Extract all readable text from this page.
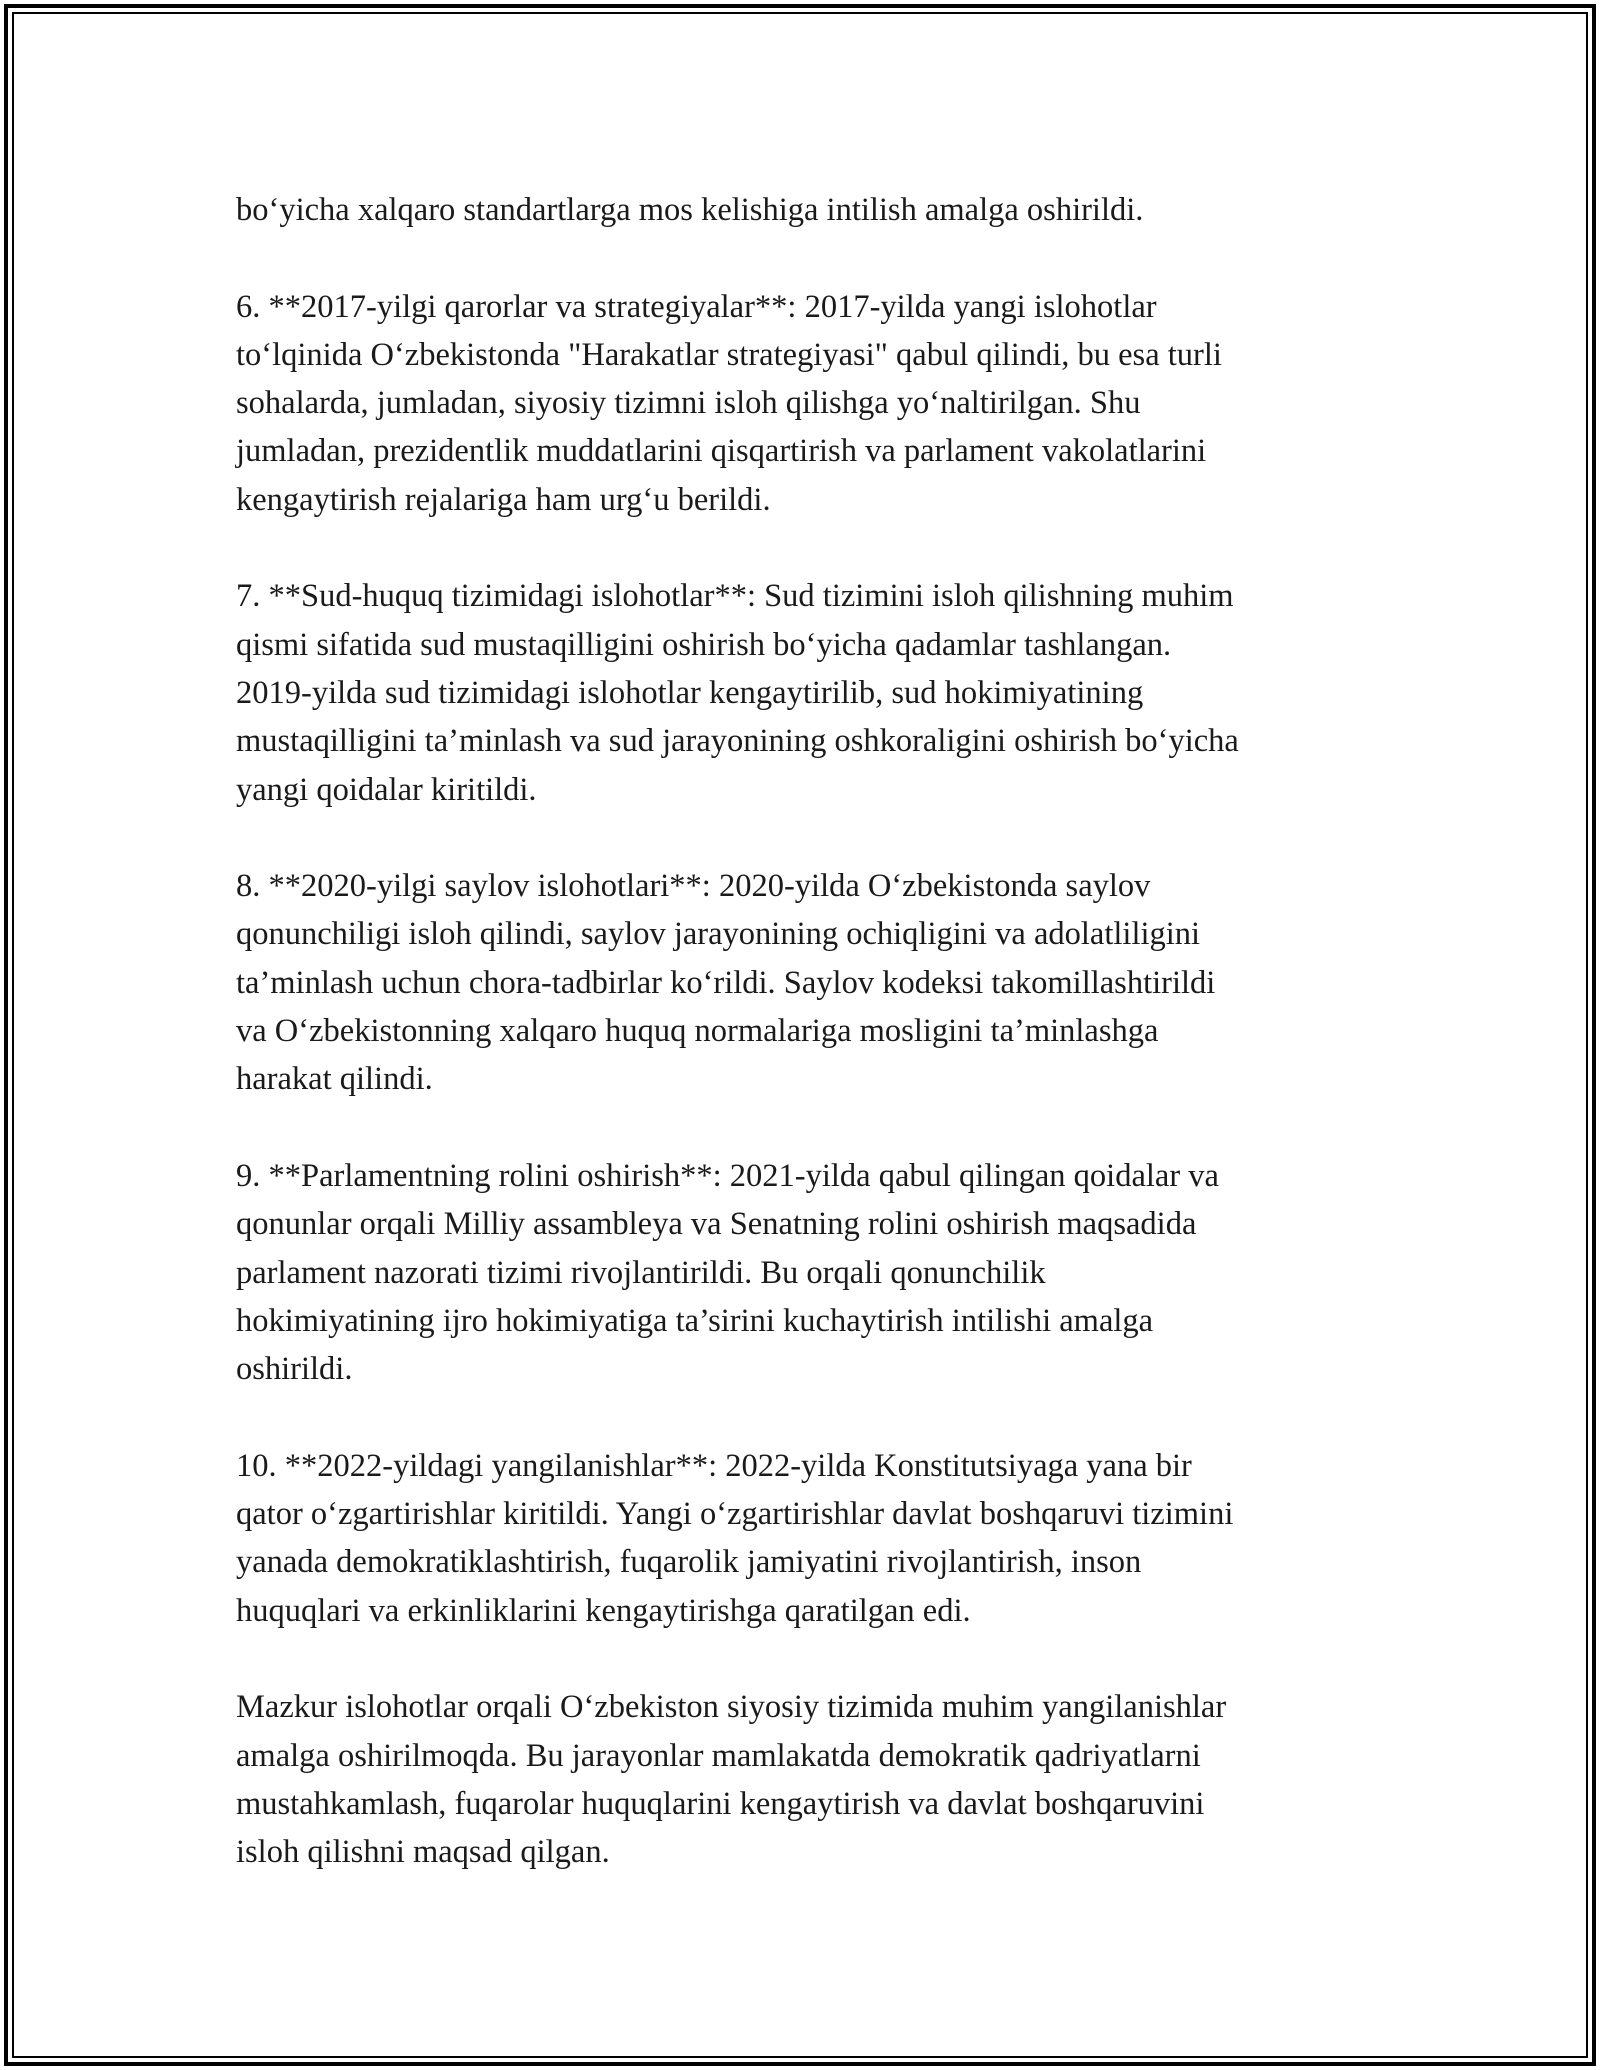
bo‘yicha xalqaro standartlarga mos kelishiga intilish amalga oshirildi.

6. **2017-yilgi qarorlar va strategiyalar**: 2017-yilda yangi islohotlar
to‘lqinida O‘zbekistonda "Harakatlar strategiyasi" qabul qilindi, bu esa turli
sohalarda, jumladan, siyosiy tizimni isloh qilishga yo‘naltirilgan. Shu
jumladan, prezidentlik muddatlarini qisqartirish va parlament vakolatlarini
kengaytirish rejalariga ham urg‘u berildi.

7. **Sud-huquq tizimidagi islohotlar**: Sud tizimini isloh qilishning muhim
qismi sifatida sud mustaqilligini oshirish bo‘yicha qadamlar tashlangan.
2019-yilda sud tizimidagi islohotlar kengaytirilib, sud hokimiyatining
mustaqilligini ta’minlash va sud jarayonining oshkoraligini oshirish bo‘yicha
yangi qoidalar kiritildi.

8. **2020-yilgi saylov islohotlari**: 2020-yilda O‘zbekistonda saylov
qonunchiligi isloh qilindi, saylov jarayonining ochiqligini va adolatliligini
ta’minlash uchun chora-tadbirlar ko‘rildi. Saylov kodeksi takomillashtirildi
va O‘zbekistonning xalqaro huquq normalariga mosligini ta’minlashga
harakat qilindi.

9. **Parlamentning rolini oshirish**: 2021-yilda qabul qilingan qoidalar va
qonunlar orqali Milliy assambleya va Senatning rolini oshirish maqsadida
parlament nazorati tizimi rivojlantirildi. Bu orqali qonunchilik
hokimiyatining ijro hokimiyatiga ta’sirini kuchaytirish intilishi amalga
oshirildi.

10. **2022-yildagi yangilanishlar**: 2022-yilda Konstitutsiyaga yana bir
qator o‘zgartirishlar kiritildi. Yangi o‘zgartirishlar davlat boshqaruvi tizimini
yanada demokratiklashtirish, fuqarolik jamiyatini rivojlantirish, inson
huquqlari va erkinliklarini kengaytirishga qaratilgan edi.

Mazkur islohotlar orqali O‘zbekiston siyosiy tizimida muhim yangilanishlar
amalga oshirilmoqda. Bu jarayonlar mamlakatda demokratik qadriyatlarni
mustahkamlash, fuqarolar huquqlarini kengaytirish va davlat boshqaruvini
isloh qilishni maqsad qilgan.
